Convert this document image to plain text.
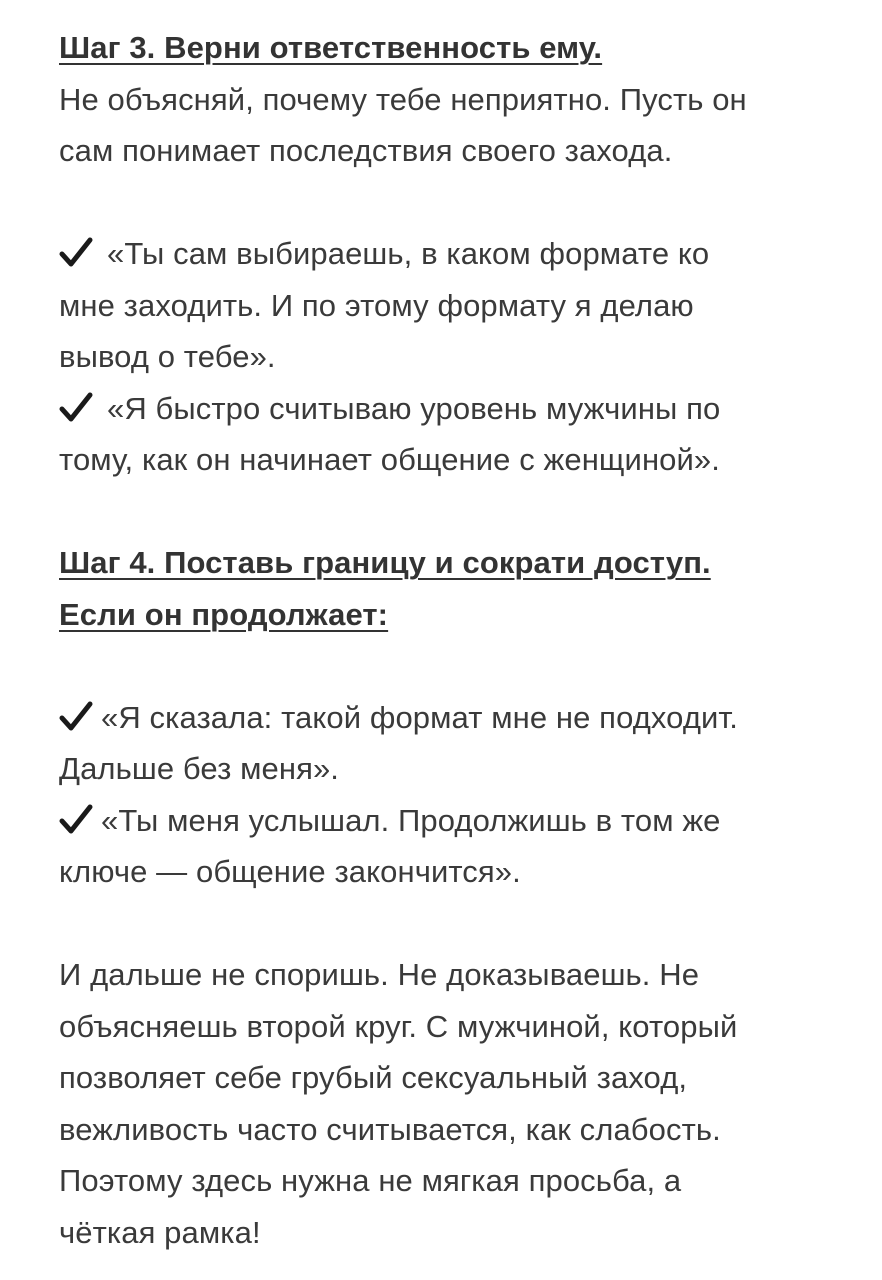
Шаг 3. Верни ответственность ему.
Не объясняй, почему тебе неприятно. Пусть он
сам понимает последствия своего захода.
«Ты сам выбираешь, в каком формате ко
мне заходить. И по этому формату я делаю
вывод о тебе».
«Я быстро считываю уровень мужчины по
тому, как он начинает общение с женщиной».
Шаг 4. Поставь границу и сократи доступ.
Если он продолжает:
«Я сказала: такой формат мне не подходит.
Дальше без меня».
«Ты меня услышал. Продолжишь в том же
ключе — общение закончится».
И дальше не споришь. Не доказываешь. Не
объясняешь второй круг. С мужчиной, который
позволяет себе грубый сексуальный заход,
вежливость часто считывается, как слабость.
Поэтому здесь нужна не мягкая просьба, а
чёткая рамка!
